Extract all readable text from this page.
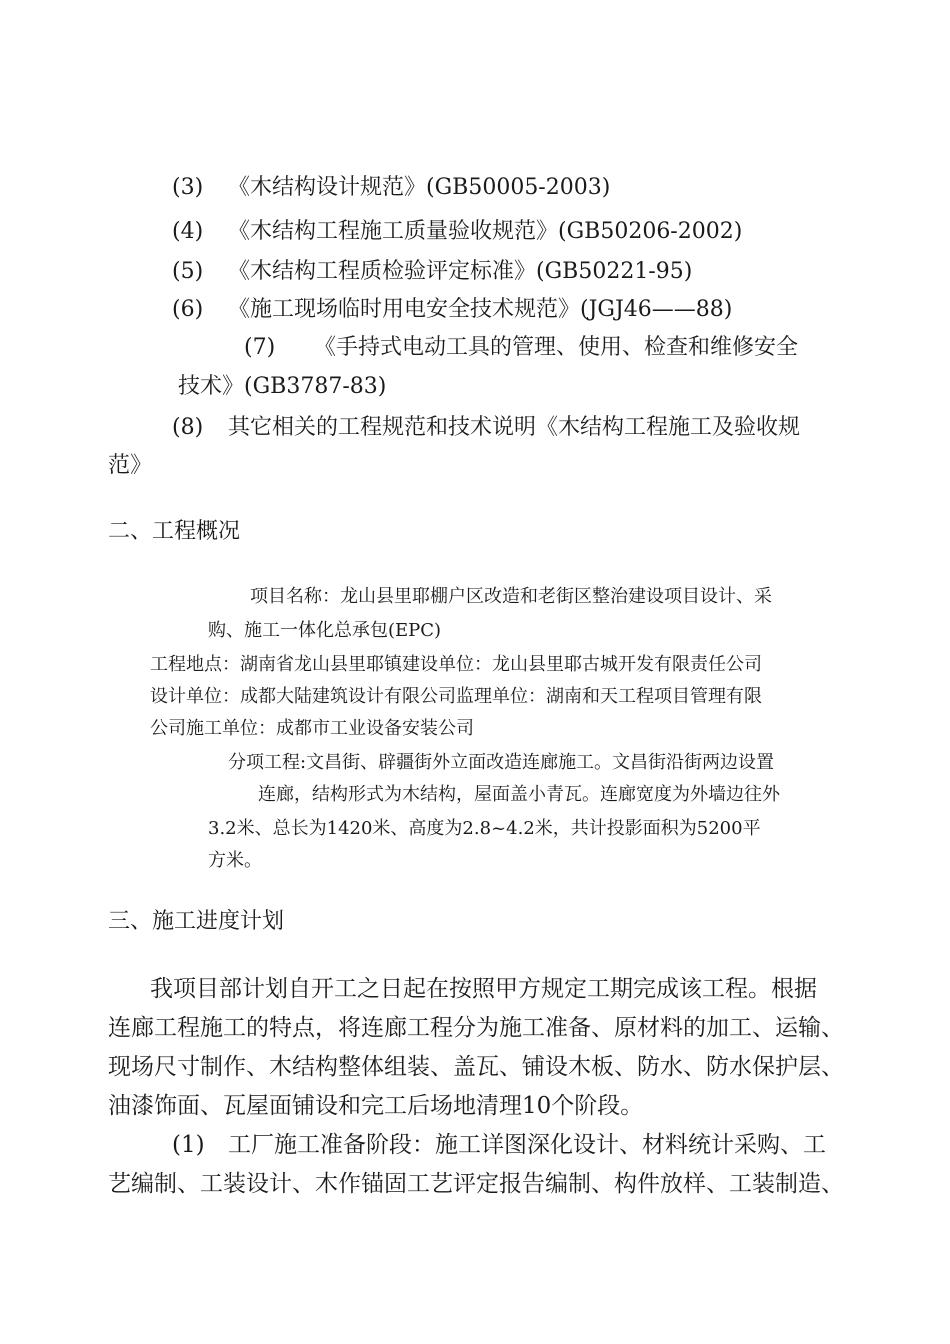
(3) 《木结构设计规范》(GB50005-2003)
(4) 《木结构工程施工质量验收规范》(GB50206-2002)
(5) 《木结构工程质检验评定标准》(GB50221-95)
(6) 《施工现场临时用电安全技术规范》(JGJ46——88)
(7) 《手持式电动工具的管理、使用、检查和维修安全
技术》(GB3787-83)
(8) 其它相关的工程规范和技术说明《木结构工程施工及验收规
范》
二、工程概况
项目名称：龙山县里耶棚户区改造和老街区整治建设项目设计、采
购、施工一体化总承包(EPC)
工程地点：湖南省龙山县里耶镇建设单位：龙山县里耶古城开发有限责任公司
设计单位：成都大陆建筑设计有限公司监理单位：湖南和天工程项目管理有限
公司施工单位：成都市工业设备安装公司
分项工程:文昌街、辟疆街外立面改造连廊施工。文昌街沿街两边设置
连廊，结构形式为木结构，屋面盖小青瓦。连廊宽度为外墙边往外
3.2米、总长为1420米、高度为2.8~4.2米，共计投影面积为5200平
方米。
三、施工进度计划
我项目部计划自开工之日起在按照甲方规定工期完成该工程。根据
连廊工程施工的特点，将连廊工程分为施工准备、原材料的加工、运输、
现场尺寸制作、木结构整体组装、盖瓦、铺设木板、防水、防水保护层、
油漆饰面、瓦屋面铺设和完工后场地清理10个阶段。
(1) 工厂施工准备阶段：施工详图深化设计、材料统计采购、工
艺编制、工装设计、木作锚固工艺评定报告编制、构件放样、工装制造、
